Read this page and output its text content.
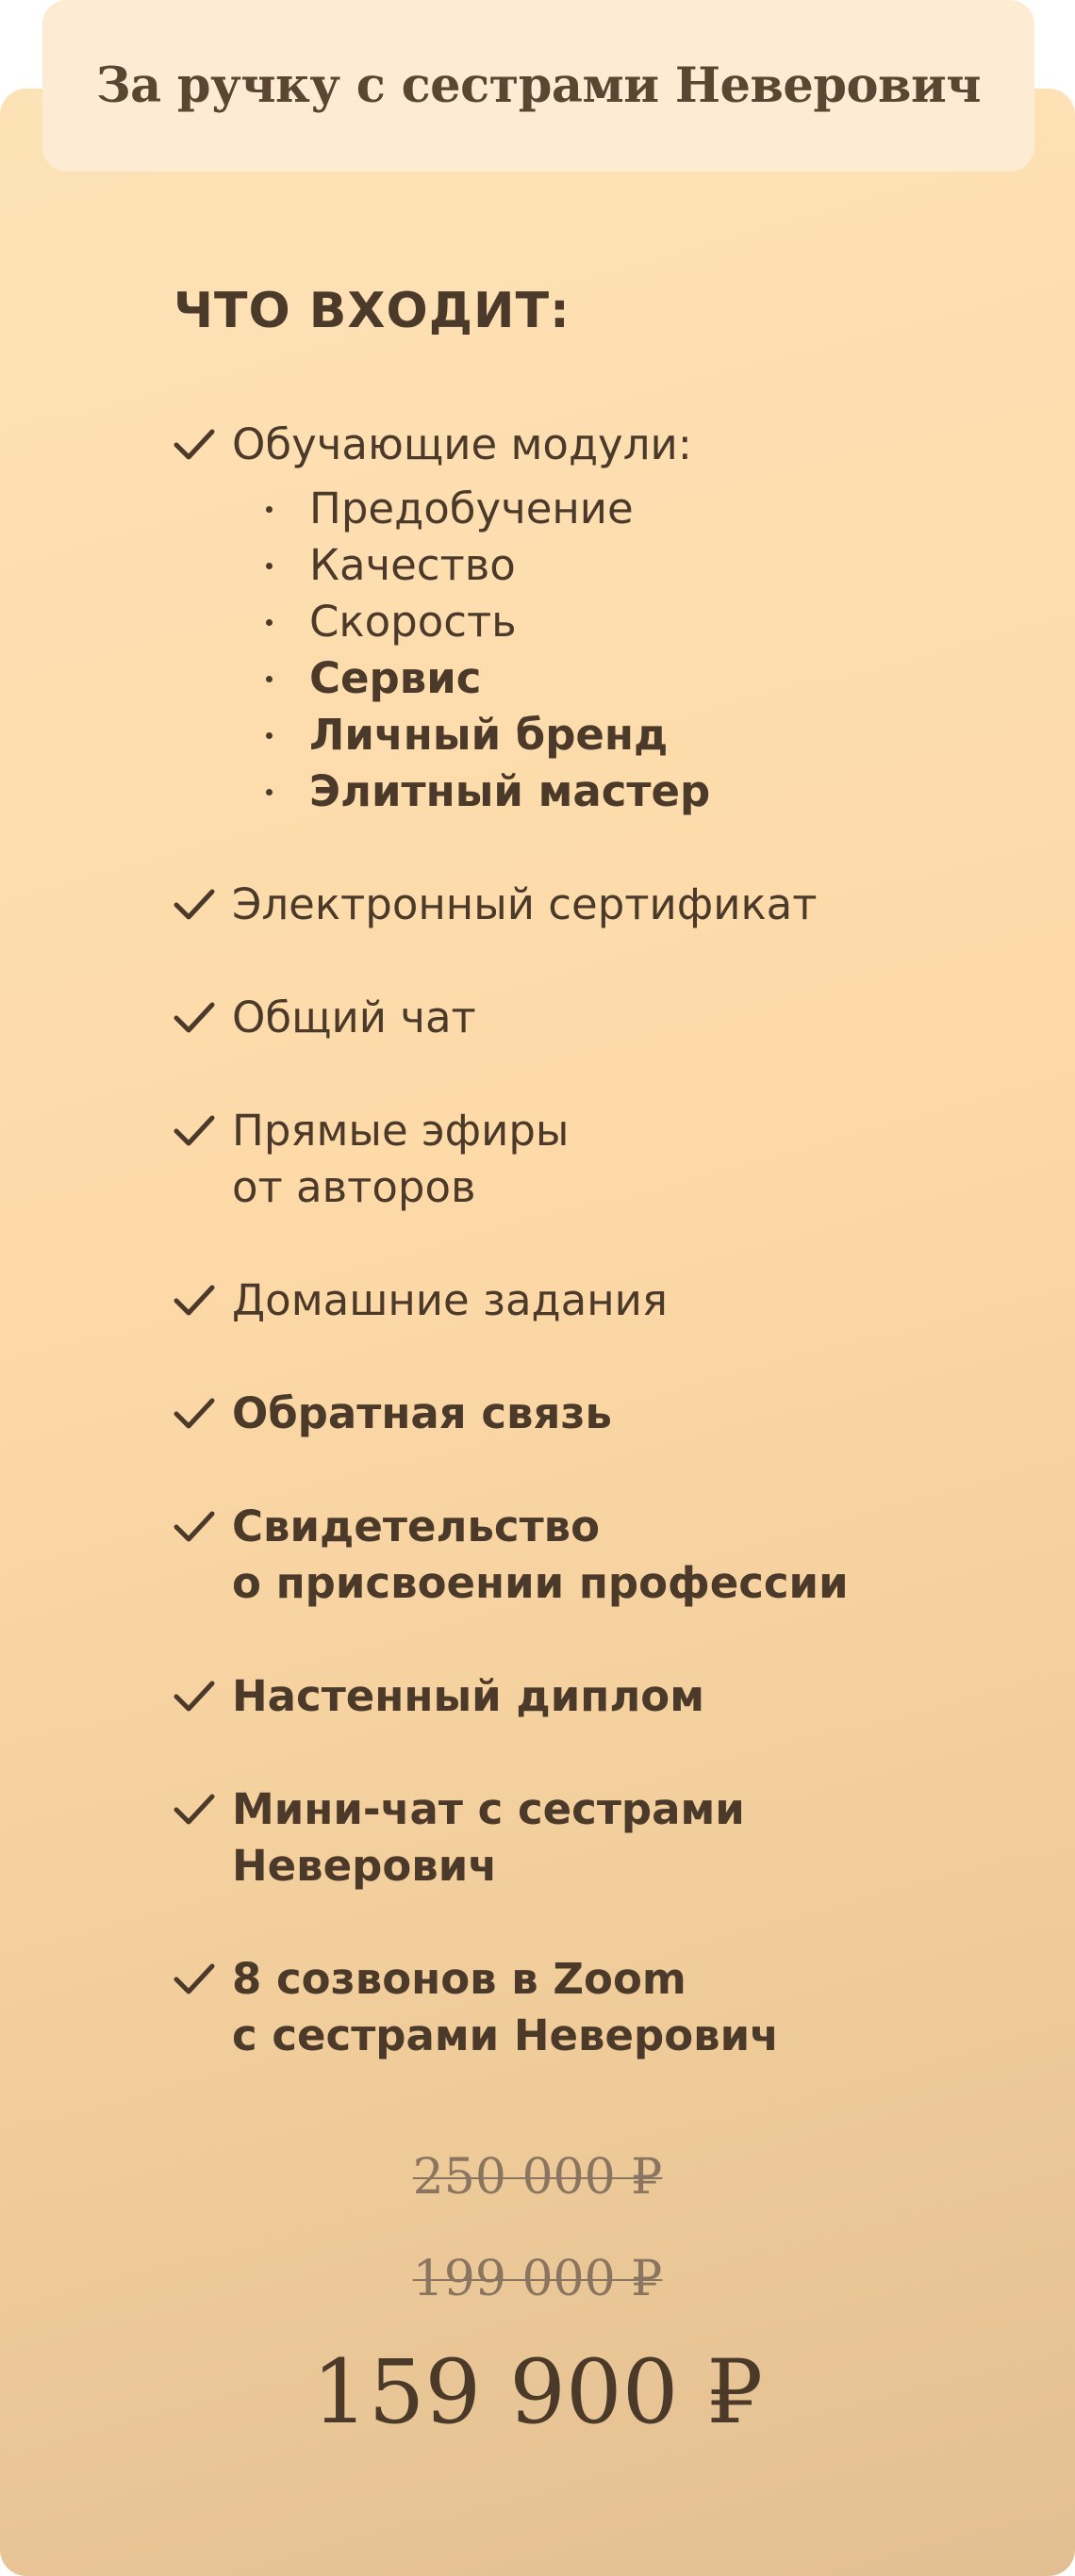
За ручку с сестрами Неверович
ЧТО ВХОДИТ:
Обучающие модули:
Предобучение
Качество
Скорость
Сервис
Личный бренд
Элитный мастер
Электронный сертификат
Общий чат
Прямые эфиры
от авторов
Домашние задания
Обратная связь
Свидетельство
о присвоении профессии
Настенный диплом
Мини-чат с сестрами
Неверович
8 созвонов в Zoom
с сестрами Неверович
250 000 ₽
199 000 ₽
159 900 ₽
